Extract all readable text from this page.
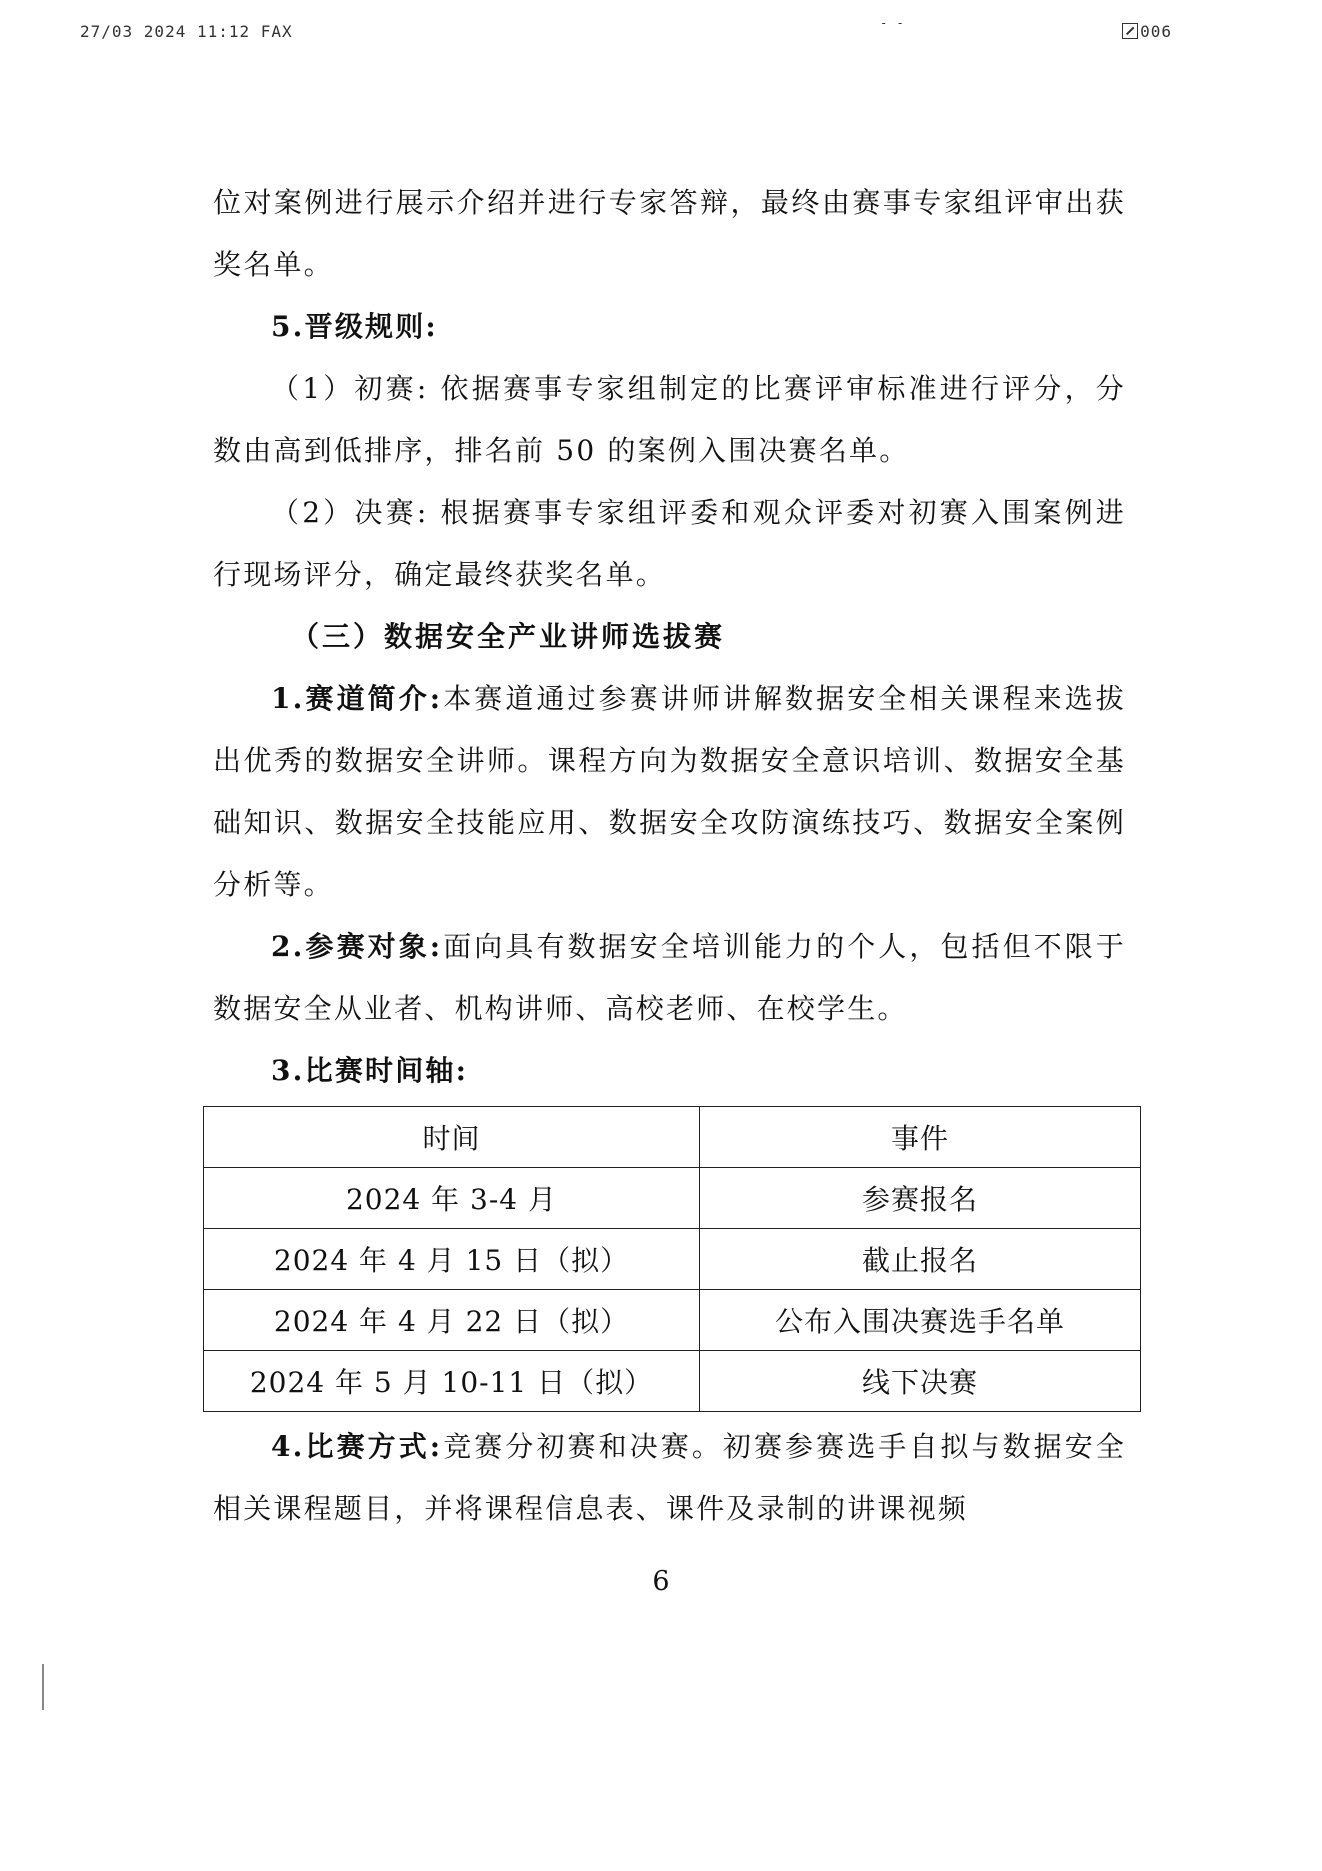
27/03 2024 11:12 FAX	- -	006

位对案例进行展示介绍并进行专家答辩，最终由赛事专家组评审出获奖名单。

5.晋级规则:

（1）初赛: 依据赛事专家组制定的比赛评审标准进行评分，分数由高到低排序，排名前 50 的案例入围决赛名单。

（2）决赛: 根据赛事专家组评委和观众评委对初赛入围案例进行现场评分，确定最终获奖名单。

（三）数据安全产业讲师选拔赛

1.赛道简介:本赛道通过参赛讲师讲解数据安全相关课程来选拔出优秀的数据安全讲师。课程方向为数据安全意识培训、数据安全基础知识、数据安全技能应用、数据安全攻防演练技巧、数据安全案例分析等。

2.参赛对象:面向具有数据安全培训能力的个人，包括但不限于数据安全从业者、机构讲师、高校老师、在校学生。

3.比赛时间轴:

时间	事件
2024 年 3-4 月	参赛报名
2024 年 4 月 15 日（拟）	截止报名
2024 年 4 月 22 日（拟）	公布入围决赛选手名单
2024 年 5 月 10-11 日（拟）	线下决赛

4.比赛方式:竞赛分初赛和决赛。初赛参赛选手自拟与数据安全相关课程题目，并将课程信息表、课件及录制的讲课视频

6
